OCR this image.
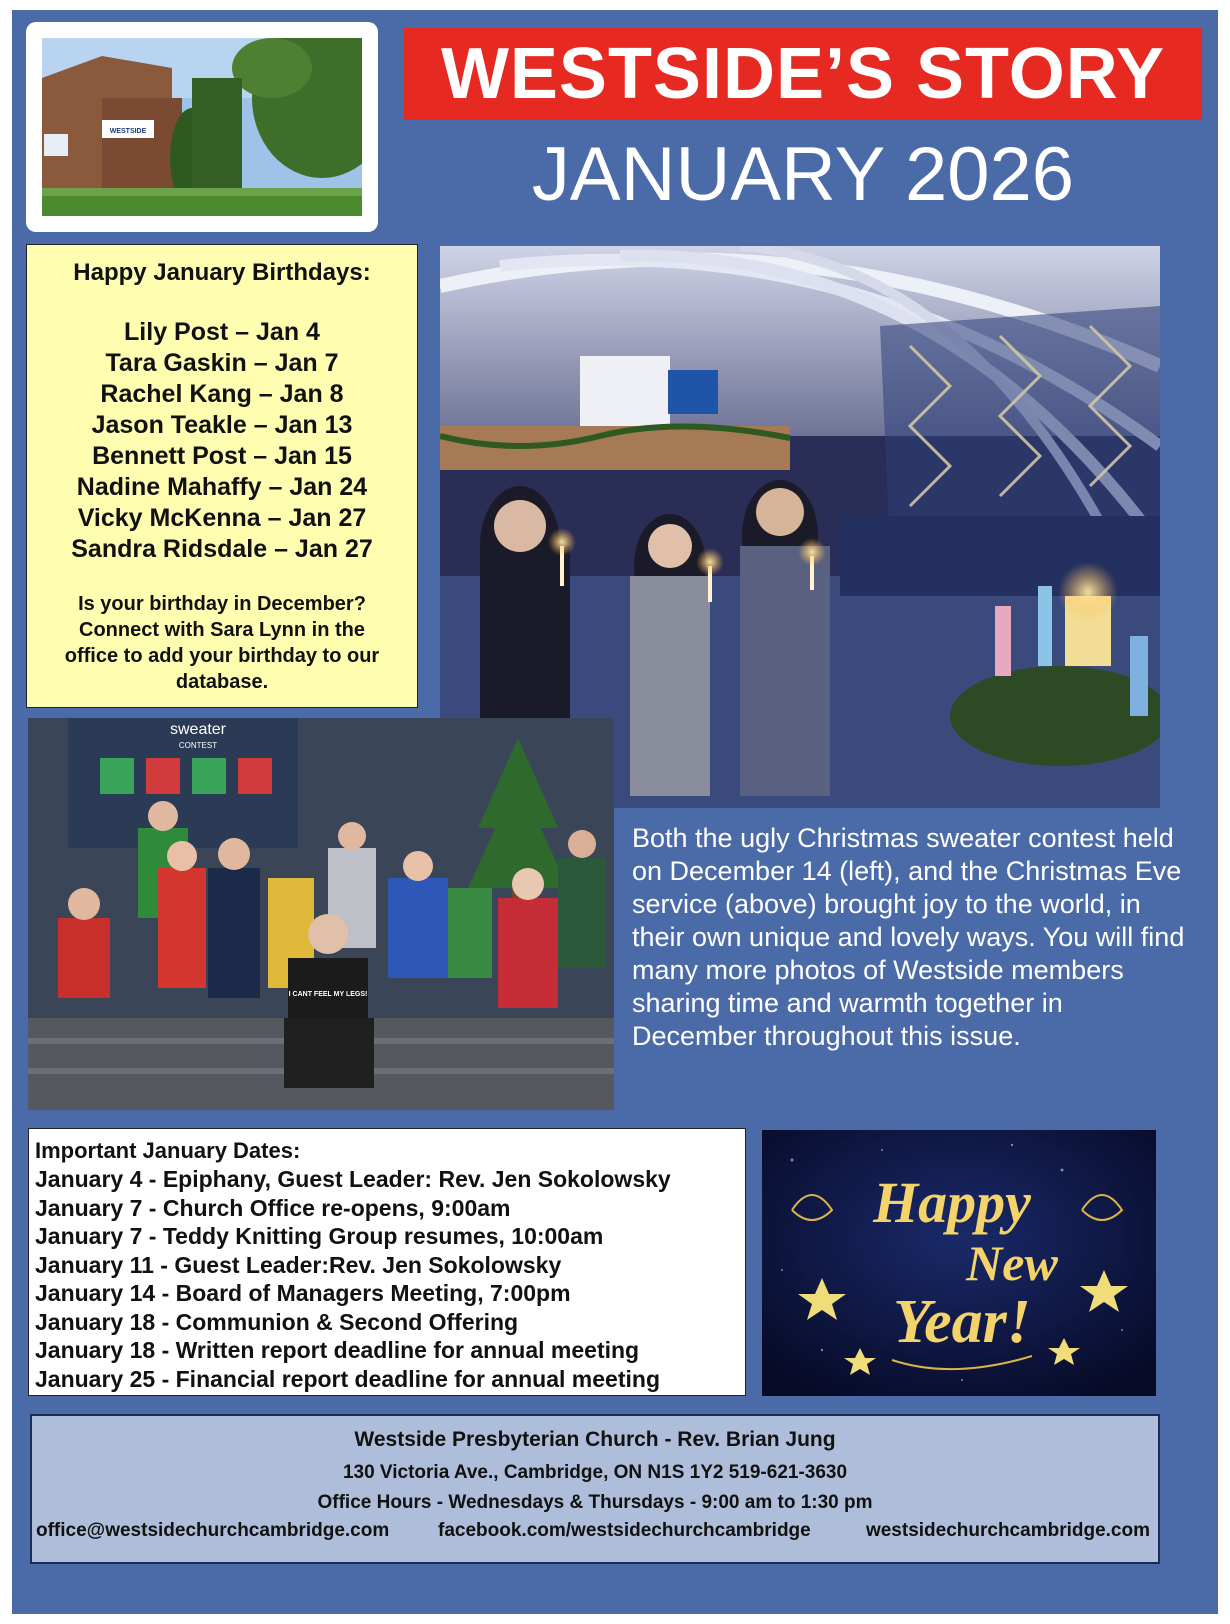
WESTSIDE
WESTSIDE’S STORY
JANUARY 2026
Happy January Birthdays:
Lily Post – Jan 4
Tara Gaskin – Jan 7
Rachel Kang – Jan 8
Jason Teakle – Jan 13
Bennett Post – Jan 15
Nadine Mahaffy – Jan 24
Vicky McKenna – Jan 27
Sandra Ridsdale – Jan 27
Is your birthday in December? Connect with Sara Lynn in the office to add your birthday to our database.
sweater
CONTEST
I CANT FEEL MY LEGS!
Both the ugly Christmas sweater contest held on December 14 (left), and the Christmas Eve service (above) brought joy to the world, in their own unique and lovely ways. You will find many more photos of Westside members sharing time and warmth together in December throughout this issue.
Important January Dates:
January 4 - Epiphany, Guest Leader: Rev. Jen Sokolowsky
January 7 - Church Office re-opens, 9:00am
January 7 - Teddy Knitting Group resumes, 10:00am
January 11 - Guest Leader:Rev. Jen Sokolowsky
January 14 - Board of Managers Meeting, 7:00pm
January 18 - Communion & Second Offering
January 18 - Written report deadline for annual meeting
January 25 - Financial report deadline for annual meeting
Happy
New
Year!
Westside Presbyterian Church - Rev. Brian Jung
130 Victoria Ave., Cambridge, ON N1S 1Y2 519-621-3630
Office Hours - Wednesdays & Thursdays - 9:00 am to 1:30 pm
office@westsidechurchcambridge.com	facebook.com/westsidechurchcambridge	westsidechurchcambridge.com
